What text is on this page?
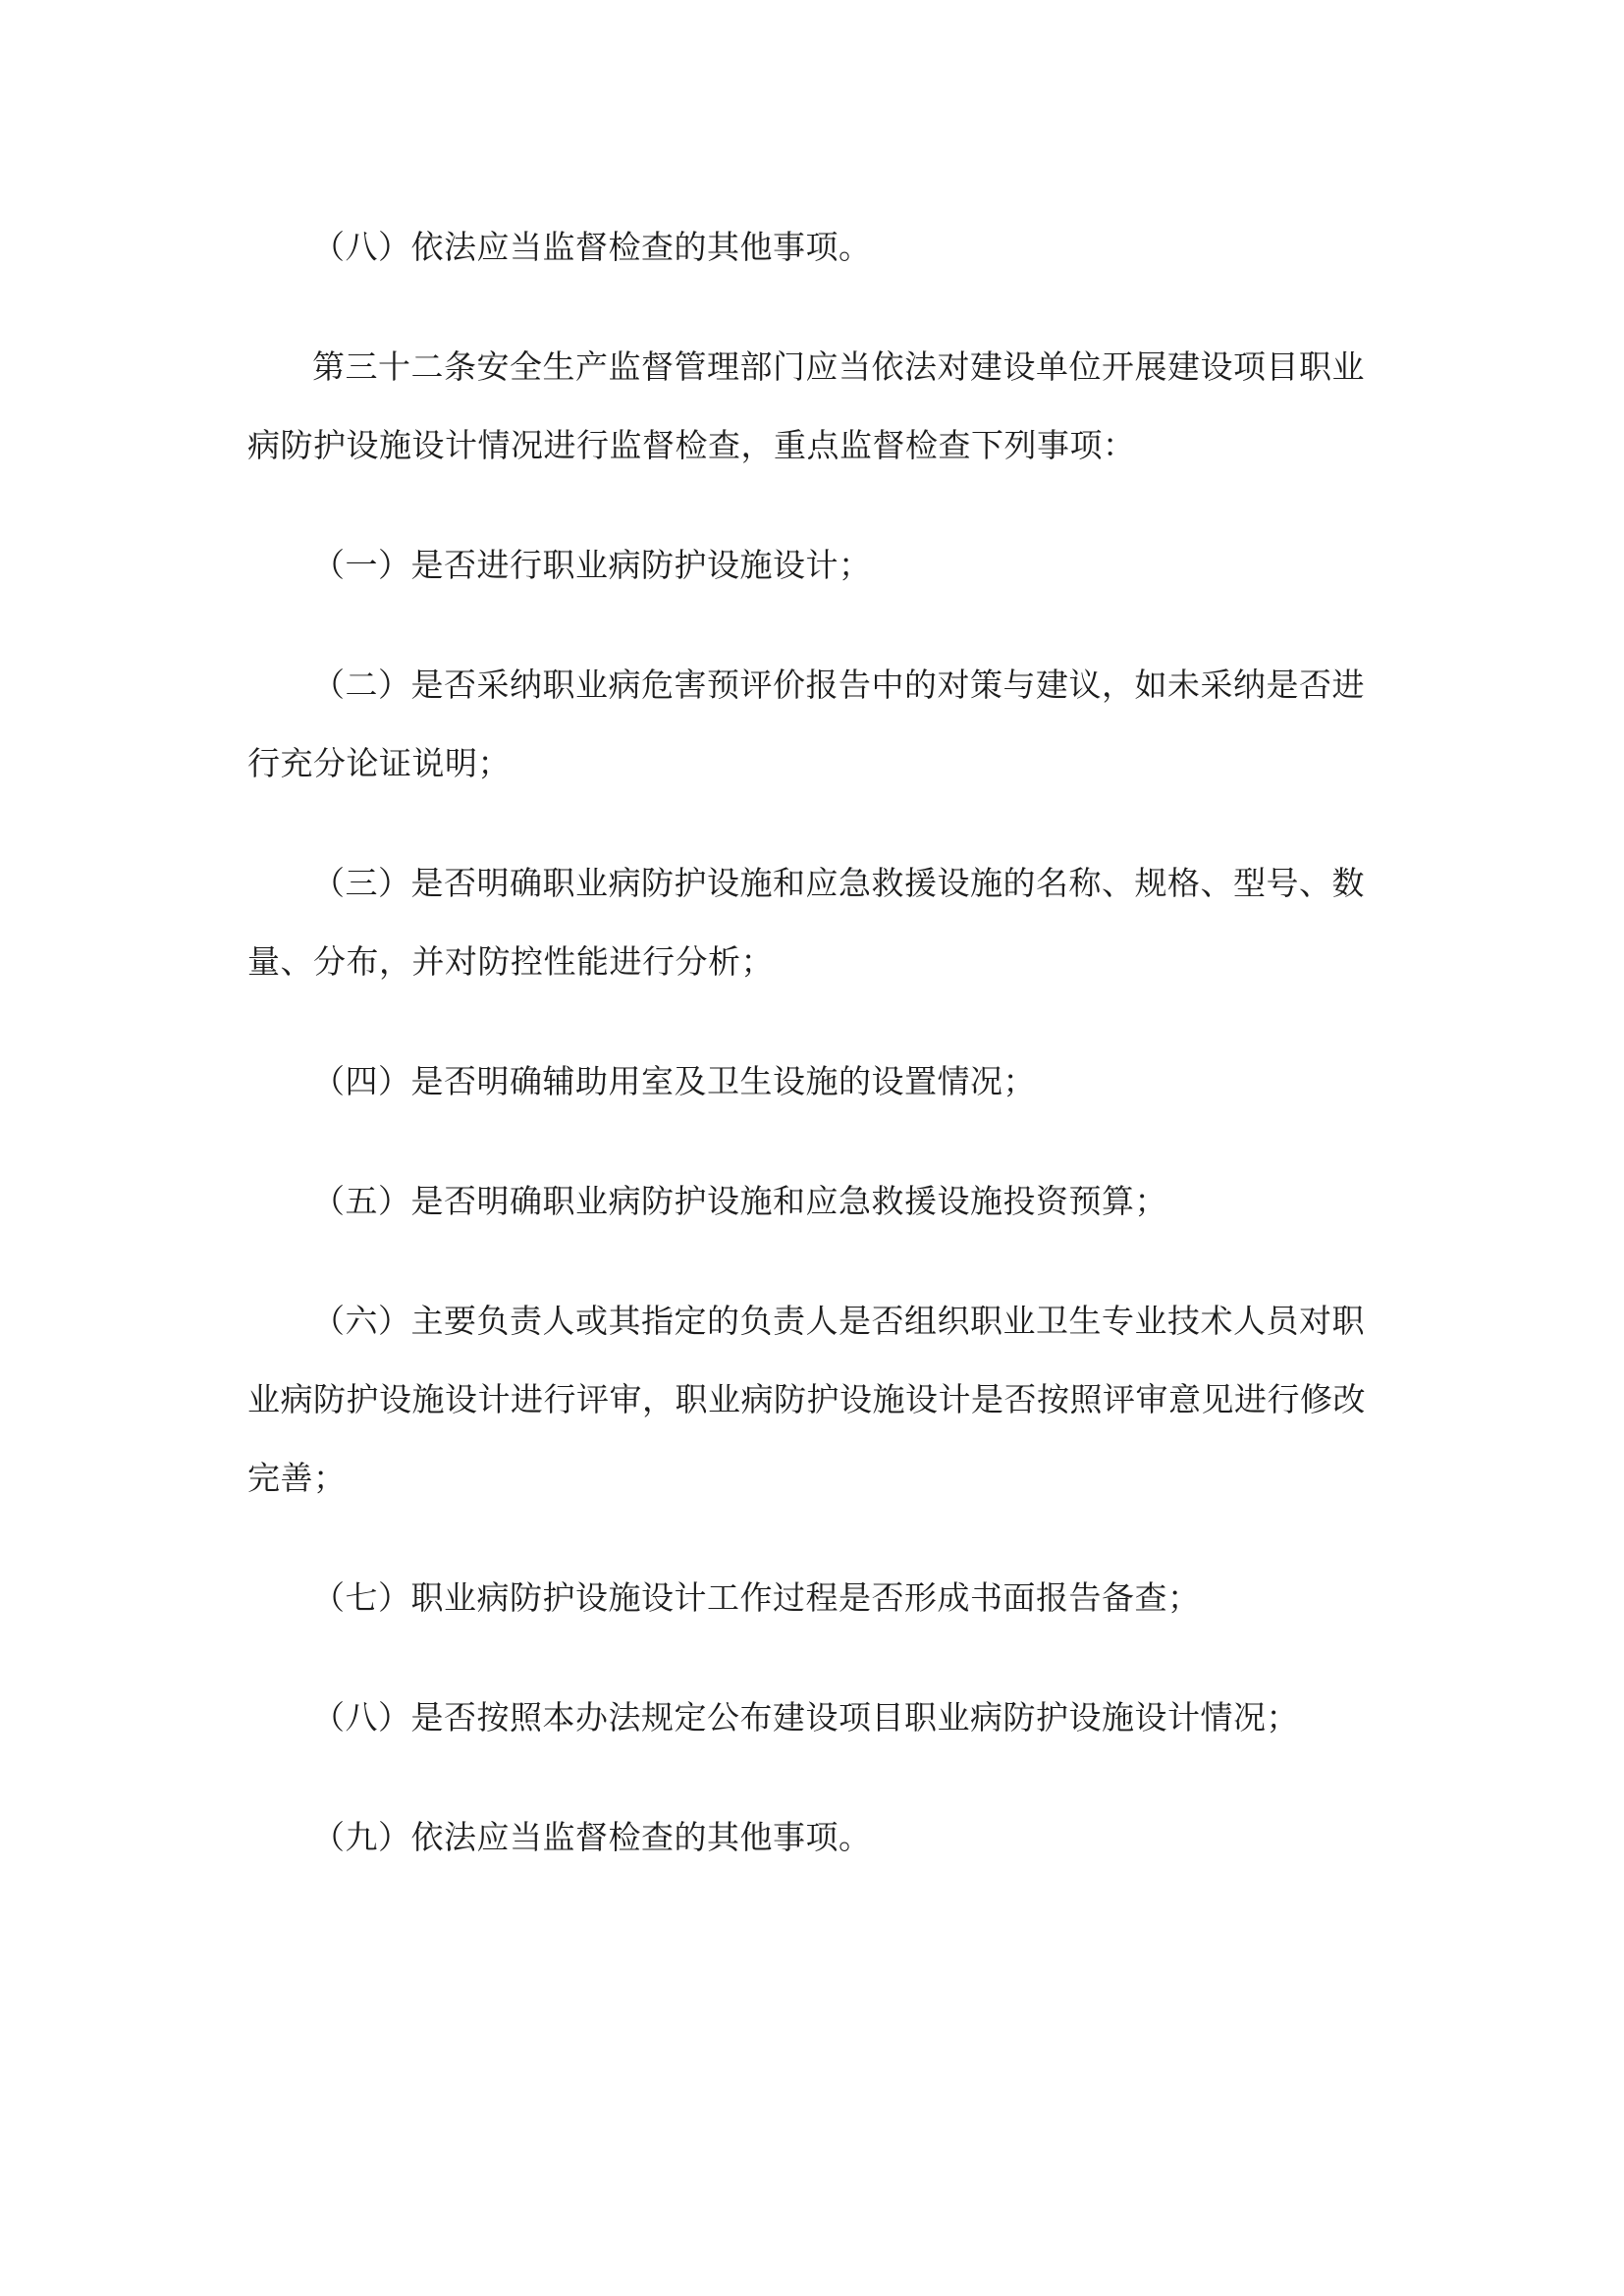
（八）依法应当监督检查的其他事项。

第三十二条安全生产监督管理部门应当依法对建设单位开展建设项目职业病防护设施设计情况进行监督检查，重点监督检查下列事项：

（一）是否进行职业病防护设施设计；

（二）是否采纳职业病危害预评价报告中的对策与建议，如未采纳是否进行充分论证说明；

（三）是否明确职业病防护设施和应急救援设施的名称、规格、型号、数量、分布，并对防控性能进行分析；

（四）是否明确辅助用室及卫生设施的设置情况；

（五）是否明确职业病防护设施和应急救援设施投资预算；

（六）主要负责人或其指定的负责人是否组织职业卫生专业技术人员对职业病防护设施设计进行评审，职业病防护设施设计是否按照评审意见进行修改完善；

（七）职业病防护设施设计工作过程是否形成书面报告备查；

（八）是否按照本办法规定公布建设项目职业病防护设施设计情况；

（九）依法应当监督检查的其他事项。
